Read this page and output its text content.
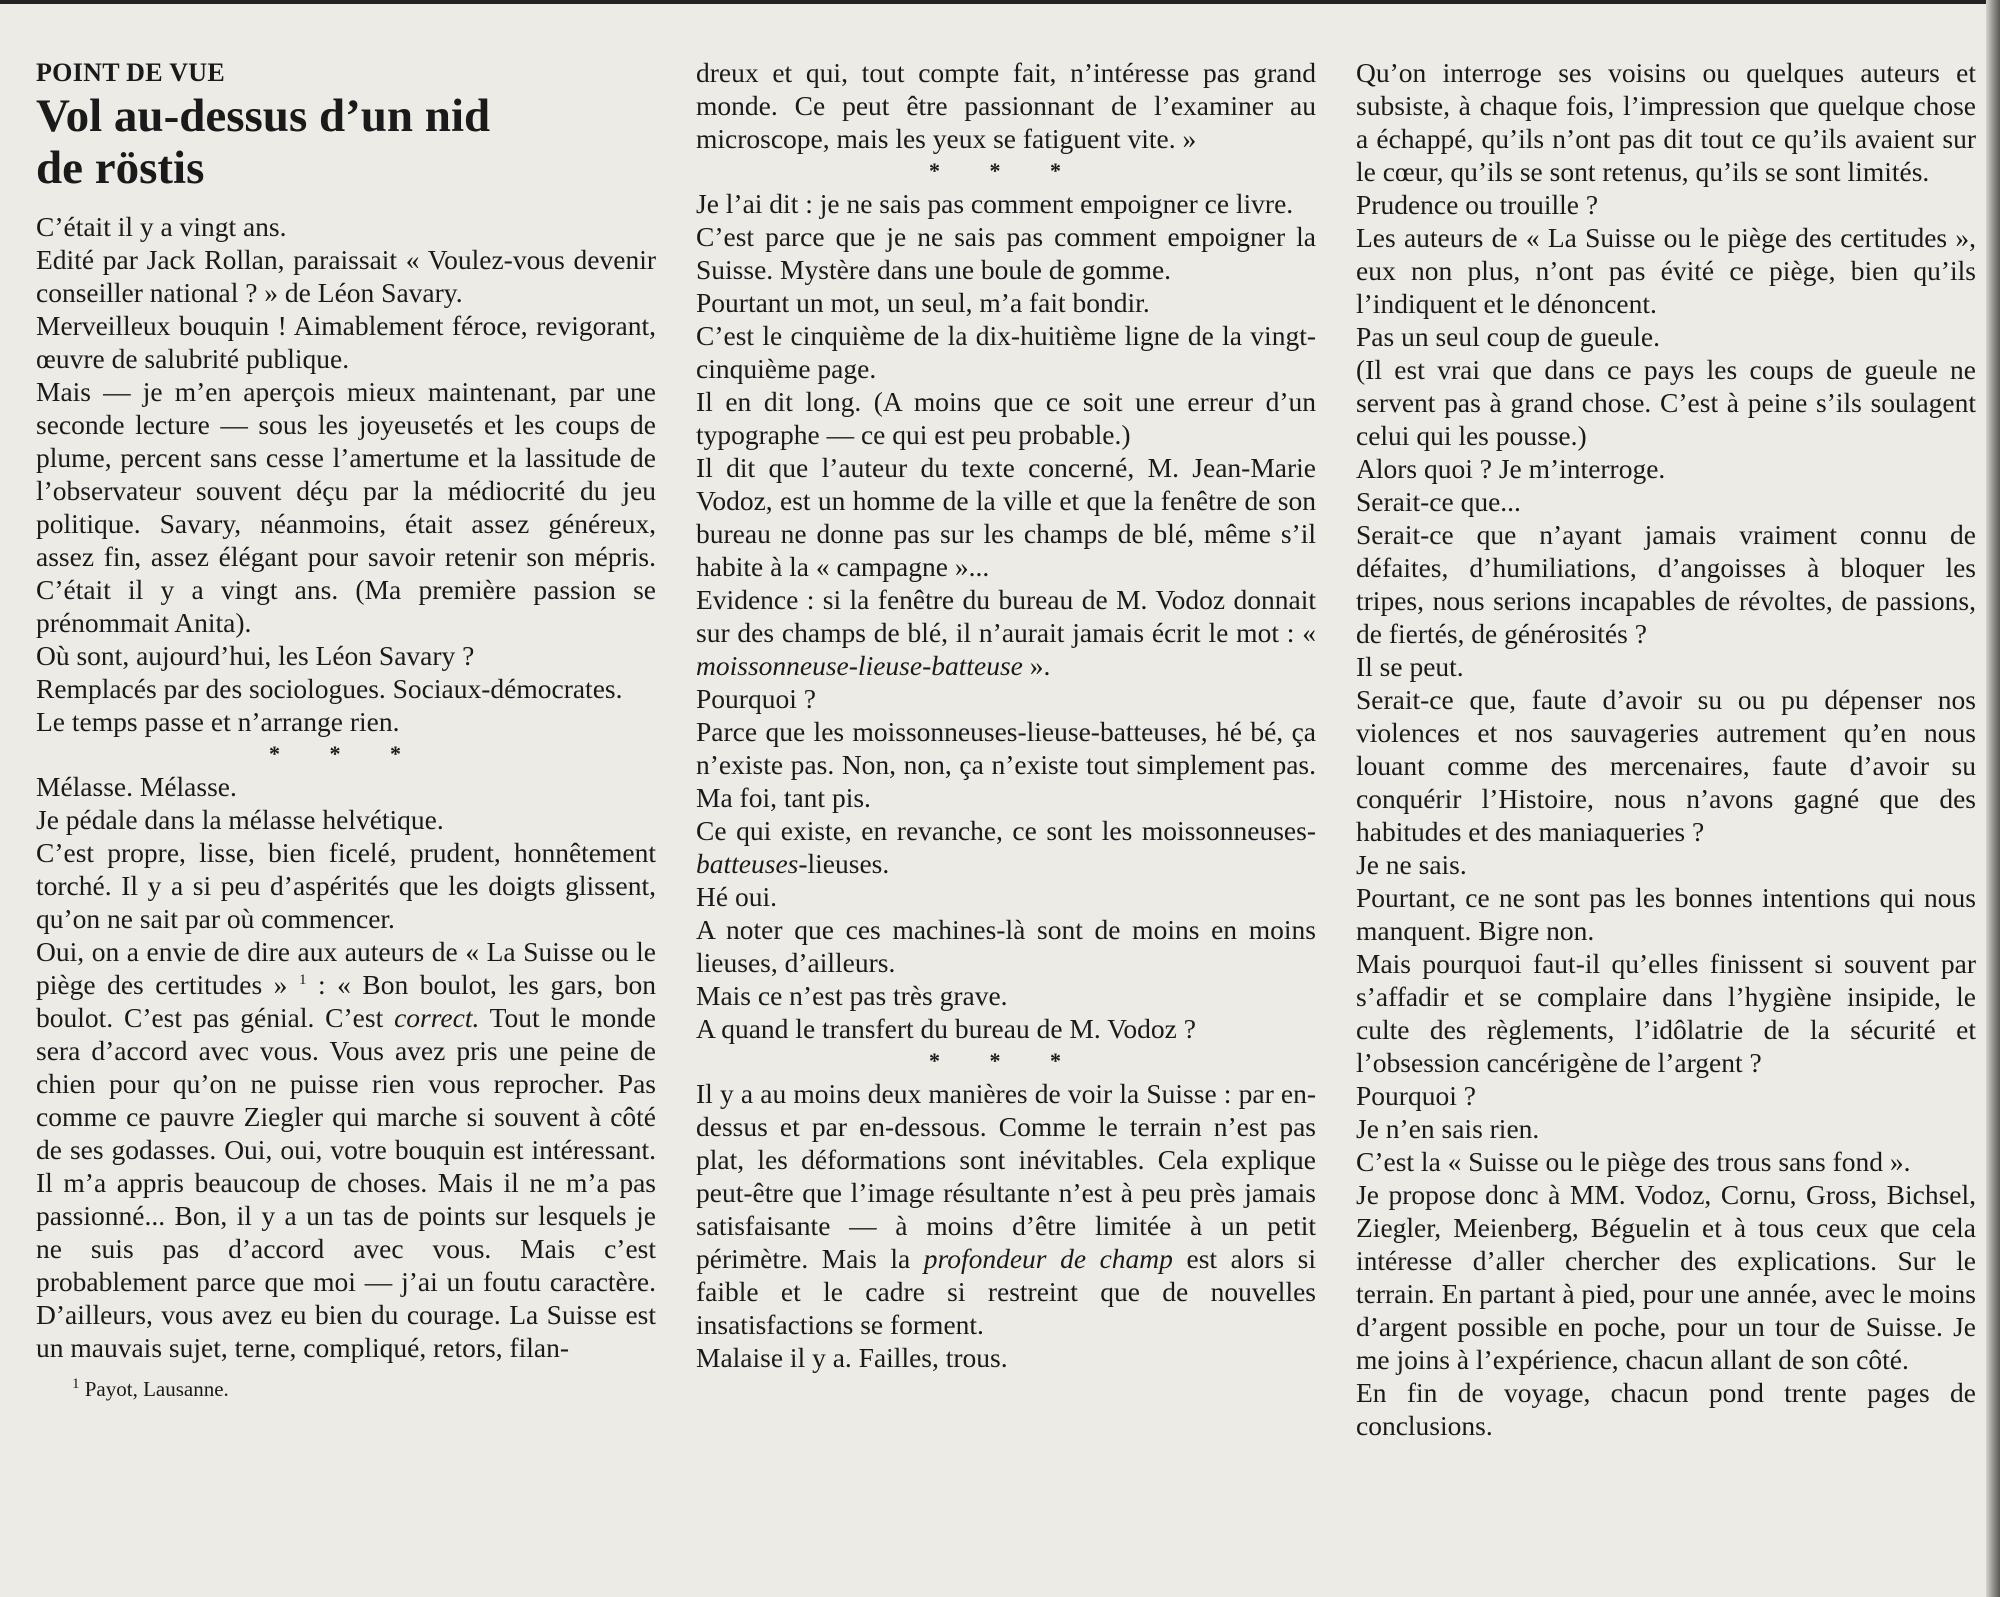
POINT DE VUE

Vol au-dessus d’un nid
de röstis

C’était il y a vingt ans.

Edité par Jack Rollan, paraissait « Voulez-vous devenir conseiller national ? » de Léon Savary.

Merveilleux bouquin ! Aimablement féroce, revigorant, œuvre de salubrité publique.

Mais — je m’en aperçois mieux maintenant, par une seconde lecture — sous les joyeusetés et les coups de plume, percent sans cesse l’amertume et la lassitude de l’observateur souvent déçu par la médiocrité du jeu politique. Savary, néanmoins, était assez généreux, assez fin, assez élégant pour savoir retenir son mépris. C’était il y a vingt ans. (Ma première passion se prénommait Anita).

Où sont, aujourd’hui, les Léon Savary ?

Remplacés par des sociologues. Sociaux-démocrates.

Le temps passe et n’arrange rien.

* * *

Mélasse. Mélasse.

Je pédale dans la mélasse helvétique.

C’est propre, lisse, bien ficelé, prudent, honnêtement torché. Il y a si peu d’aspérités que les doigts glissent, qu’on ne sait par où commencer.

Oui, on a envie de dire aux auteurs de « La Suisse ou le piège des certitudes » $^1$ : « Bon boulot, les gars, bon boulot. C’est pas génial. C’est correct. Tout le monde sera d’accord avec vous. Vous avez pris une peine de chien pour qu’on ne puisse rien vous reprocher. Pas comme ce pauvre Ziegler qui marche si souvent à côté de ses godasses. Oui, oui, votre bouquin est intéressant. Il m’a appris beaucoup de choses. Mais il ne m’a pas passionné... Bon, il y a un tas de points sur lesquels je ne suis pas d’accord avec vous. Mais c’est probablement parce que moi — j’ai un foutu caractère. D’ailleurs, vous avez eu bien du courage. La Suisse est un mauvais sujet, terne, compliqué, retors, filan-

$^1$ Payot, Lausanne.

dreux et qui, tout compte fait, n’intéresse pas grand monde. Ce peut être passionnant de l’examiner au microscope, mais les yeux se fatiguent vite. »

* * *

Je l’ai dit : je ne sais pas comment empoigner ce livre.

C’est parce que je ne sais pas comment empoigner la Suisse. Mystère dans une boule de gomme.

Pourtant un mot, un seul, m’a fait bondir.

C’est le cinquième de la dix-huitième ligne de la vingt-cinquième page.

Il en dit long. (A moins que ce soit une erreur d’un typographe — ce qui est peu probable.)

Il dit que l’auteur du texte concerné, M. Jean-Marie Vodoz, est un homme de la ville et que la fenêtre de son bureau ne donne pas sur les champs de blé, même s’il habite à la « campagne »...

Evidence : si la fenêtre du bureau de M. Vodoz donnait sur des champs de blé, il n’aurait jamais écrit le mot : « moissonneuse-lieuse-batteuse ».

Pourquoi ?

Parce que les moissonneuses-lieuse-batteuses, hé bé, ça n’existe pas. Non, non, ça n’existe tout simplement pas. Ma foi, tant pis.

Ce qui existe, en revanche, ce sont les moissonneuses-batteuses-lieuses.

Hé oui.

A noter que ces machines-là sont de moins en moins lieuses, d’ailleurs.

Mais ce n’est pas très grave.

A quand le transfert du bureau de M. Vodoz ?

* * *

Il y a au moins deux manières de voir la Suisse : par en-dessus et par en-dessous. Comme le terrain n’est pas plat, les déformations sont inévitables. Cela explique peut-être que l’image résultante n’est à peu près jamais satisfaisante — à moins d’être limitée à un petit périmètre. Mais la profondeur de champ est alors si faible et le cadre si restreint que de nouvelles insatisfactions se forment.

Malaise il y a. Failles, trous.

Qu’on interroge ses voisins ou quelques auteurs et subsiste, à chaque fois, l’impression que quelque chose a échappé, qu’ils n’ont pas dit tout ce qu’ils avaient sur le cœur, qu’ils se sont retenus, qu’ils se sont limités.

Prudence ou trouille ?

Les auteurs de « La Suisse ou le piège des certitudes », eux non plus, n’ont pas évité ce piège, bien qu’ils l’indiquent et le dénoncent.

Pas un seul coup de gueule.

(Il est vrai que dans ce pays les coups de gueule ne servent pas à grand chose. C’est à peine s’ils soulagent celui qui les pousse.)

Alors quoi ? Je m’interroge.

Serait-ce que...

Serait-ce que n’ayant jamais vraiment connu de défaites, d’humiliations, d’angoisses à bloquer les tripes, nous serions incapables de révoltes, de passions, de fiertés, de générosités ?

Il se peut.

Serait-ce que, faute d’avoir su ou pu dépenser nos violences et nos sauvageries autrement qu’en nous louant comme des mercenaires, faute d’avoir su conquérir l’Histoire, nous n’avons gagné que des habitudes et des maniaqueries ?

Je ne sais.

Pourtant, ce ne sont pas les bonnes intentions qui nous manquent. Bigre non.

Mais pourquoi faut-il qu’elles finissent si souvent par s’affadir et se complaire dans l’hygiène insipide, le culte des règlements, l’idôlatrie de la sécurité et l’obsession cancérigène de l’argent ?

Pourquoi ?

Je n’en sais rien.

C’est la « Suisse ou le piège des trous sans fond ».

Je propose donc à MM. Vodoz, Cornu, Gross, Bichsel, Ziegler, Meienberg, Béguelin et à tous ceux que cela intéresse d’aller chercher des explications. Sur le terrain. En partant à pied, pour une année, avec le moins d’argent possible en poche, pour un tour de Suisse. Je me joins à l’expérience, chacun allant de son côté.

En fin de voyage, chacun pond trente pages de conclusions.
